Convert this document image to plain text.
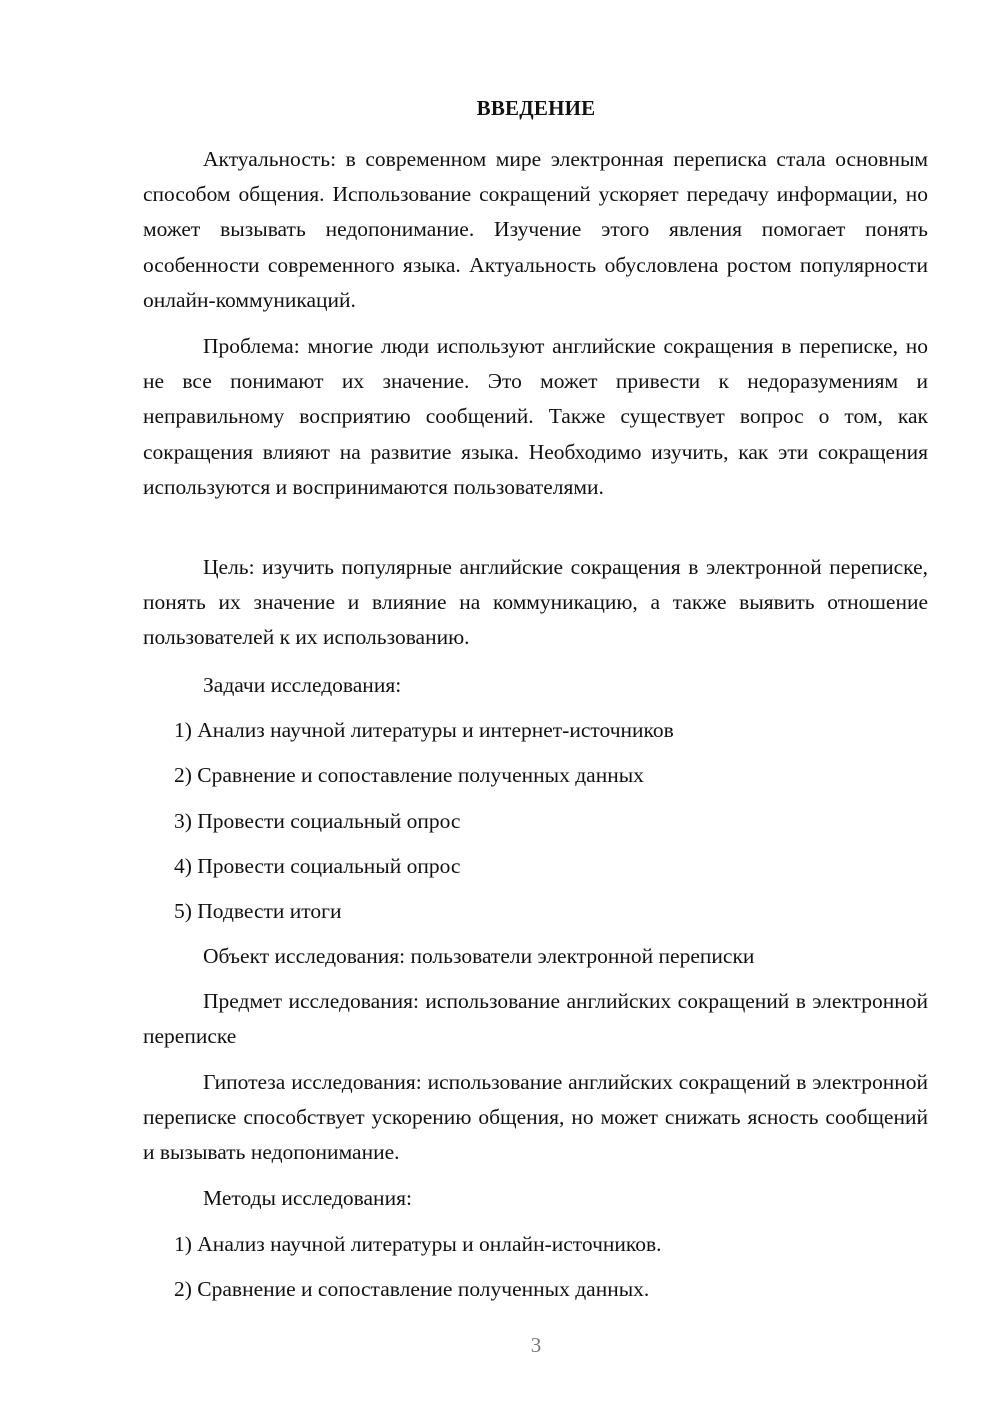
ВВЕДЕНИЕ

Актуальность: в современном мире электронная переписка стала основным способом общения. Использование сокращений ускоряет передачу информации, но может вызывать недопонимание. Изучение этого явления помогает понять особенности современного языка. Актуальность обусловлена ростом популярности онлайн-коммуникаций.

Проблема: многие люди используют английские сокращения в переписке, но не все понимают их значение. Это может привести к недоразумениям и неправильному восприятию сообщений. Также существует вопрос о том, как сокращения влияют на развитие языка. Необходимо изучить, как эти сокращения используются и воспринимаются пользователями.

Цель: изучить популярные английские сокращения в электронной переписке, понять их значение и влияние на коммуникацию, а также выявить отношение пользователей к их использованию.

Задачи исследования:
1) Анализ научной литературы и интернет-источников
2) Сравнение и сопоставление полученных данных
3) Провести социальный опрос
4) Провести социальный опрос
5) Подвести итоги
Объект исследования: пользователи электронной переписки

Предмет исследования: использование английских сокращений в электронной переписке

Гипотеза исследования: использование английских сокращений в электронной переписке способствует ускорению общения, но может снижать ясность сообщений и вызывать недопонимание.

Методы исследования:
1) Анализ научной литературы и онлайн-источников.
2) Сравнение и сопоставление полученных данных.
3
